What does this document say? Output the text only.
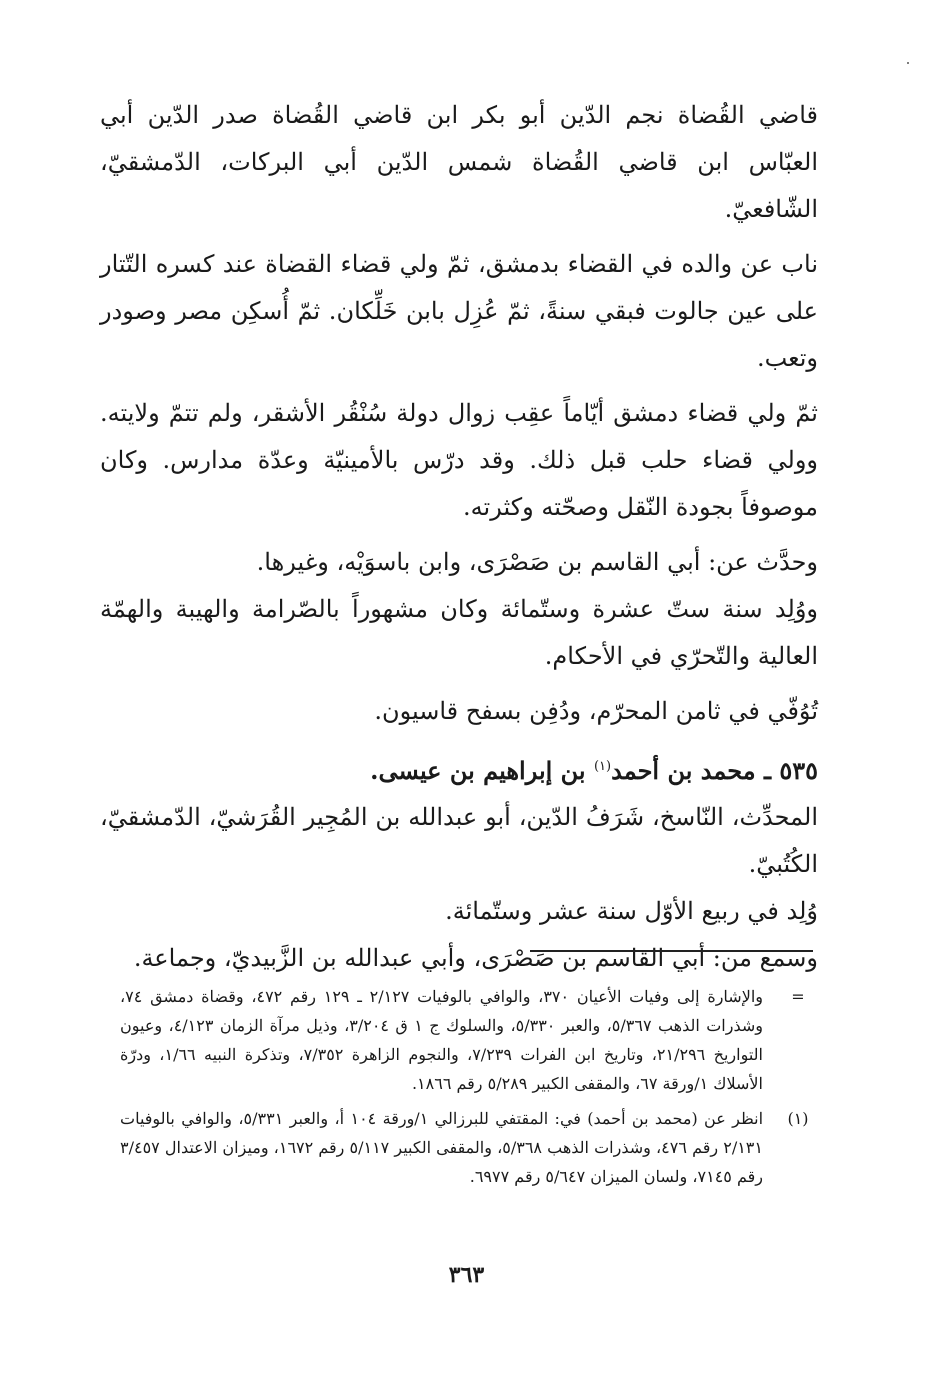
قاضي القُضاة نجم الدّين أبو بكر ابن قاضي القُضاة صدر الدّين أبي العبّاس ابن قاضي القُضاة شمس الدّين أبي البركات، الدّمشقيّ، الشّافعيّ.

ناب عن والده في القضاء بدمشق، ثمّ ولي قضاء القضاة عند كسره التّتار على عين جالوت فبقي سنةً، ثمّ عُزِل بابن خَلِّكان. ثمّ أُسكِن مصر وصودر وتعب.

ثمّ ولي قضاء دمشق أيّاماً عقِب زوال دولة سُنْقُر الأشقر، ولم تتمّ ولايته. وولي قضاء حلب قبل ذلك. وقد درّس بالأمينيّة وعدّة مدارس. وكان موصوفاً بجودة النّقل وصحّته وكثرته.

وحدَّث عن: أبي القاسم بن صَصْرَى، وابن باسوَيْه، وغيرها.

ووُلِد سنة ستّ عشرة وستّمائة وكان مشهوراً بالصّرامة والهيبة والهمّة العالية والتّحرّي في الأحكام.

تُوُفّي في ثامن المحرّم، ودُفِن بسفح قاسيون.

٥٣٥ ـ محمد بن أحمد$^{(١)}$ بن إبراهيم بن عيسى.

المحدِّث، النّاسخ، شَرَفُ الدّين، أبو عبدالله بن المُجِير القُرَشيّ، الدّمشقيّ، الكُتُبيّ.

وُلِد في ربيع الأوّل سنة عشر وستّمائة.

وسمع من: أبي القاسم بن صَصْرَى، وأبي عبدالله بن الزَّبيديّ، وجماعة.

=
والإشارة إلى وفيات الأعيان ٣٧٠، والوافي بالوفيات ٢/١٢٧ ـ ١٢٩ رقم ٤٧٢، وقضاة دمشق ٧٤، وشذرات الذهب ٥/٣٦٧، والعبر ٥/٣٣٠، والسلوك ج ١ ق ٣/٢٠٤، وذيل مرآة الزمان ٤/١٢٣، وعيون التواريخ ٢١/٢٩٦، وتاريخ ابن الفرات ٧/٢٣٩، والنجوم الزاهرة ٧/٣٥٢، وتذكرة النبيه ١/٦٦، ودرّة الأسلاك ١/ورقة ٦٧، والمقفى الكبير ٥/٢٨٩ رقم ١٨٦٦.

(١)
انظر عن (محمد بن أحمد) في: المقتفي للبرزالي ١/ورقة ١٠٤ أ، والعبر ٥/٣٣١، والوافي بالوفيات ٢/١٣١ رقم ٤٧٦، وشذرات الذهب ٥/٣٦٨، والمقفى الكبير ٥/١١٧ رقم ١٦٧٢، وميزان الاعتدال ٣/٤٥٧ رقم ٧١٤٥، ولسان الميزان ٥/٦٤٧ رقم ٦٩٧٧.

٣٦٣
